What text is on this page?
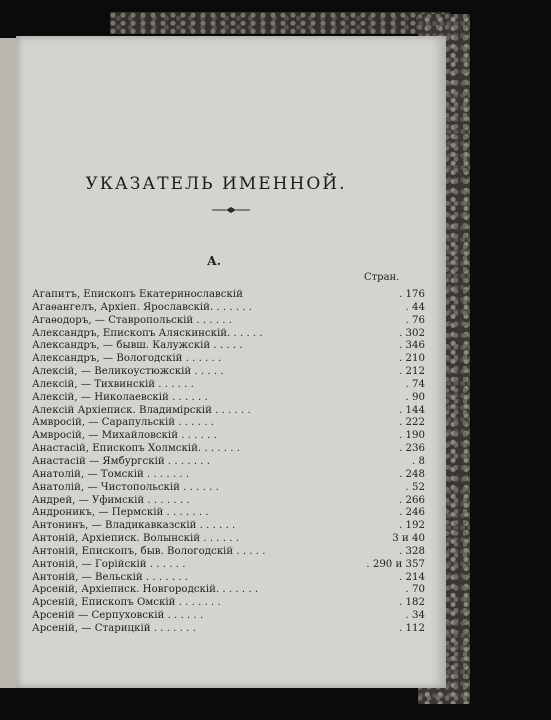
УКАЗАТЕЛЬ ИМЕННОЙ.
А.
Стран.
Агапитъ, Епископъ Екатеринославскій	. 176
Агаѳангелъ, Архіеп. Ярославскій. . . . . . .	. 44
Агаѳодоръ, — Ставропольскій . . . . . .	. 76
Александръ, Епископъ Аляскинскій. . . . . .	. 302
Александръ, — бывш. Калужскій . . . . .	. 346
Александръ, — Вологодскій . . . . . .	. 210
Алексій, — Великоустюжскій . . . . .	. 212
Алексій, — Тихвинскій . . . . . .	. 74
Алексій, — Николаевскій . . . . . .	. 90
Алексій Архіеписк. Владимірскій . . . . . .	. 144
Амвросій, — Сарапульскій . . . . . .	. 222
Амвросій, — Михайловскій . . . . . .	. 190
Анастасій, Епископъ Холмскій. . . . . . .	. 236
Анастасій — Ямбургскій . . . . . . .	. 8
Анатолій, — Томскій . . . . . . .	. 248
Анатолій, — Чистопольскій . . . . . .	. 52
Андрей, — Уфимскій . . . . . . .	. 266
Андроникъ, — Пермскій . . . . . . .	. 246
Антонинъ, — Владикавказскій . . . . . .	. 192
Антоній, Архіеписк. Волынскій . . . . . .	3 и 40
Антоній, Епископъ, быв. Вологодскій . . . . .	. 328
Антоній, — Горійскій . . . . . .	. 290 и 357
Антоній, — Вельскій . . . . . . .	. 214
Арсеній, Архіеписк. Новгородскій. . . . . . .	. 70
Арсеній, Епископъ Омскій . . . . . . .	. 182
Арсеній — Серпуховскій . . . . . .	. 34
Арсеній, — Старицкій . . . . . . .	. 112
